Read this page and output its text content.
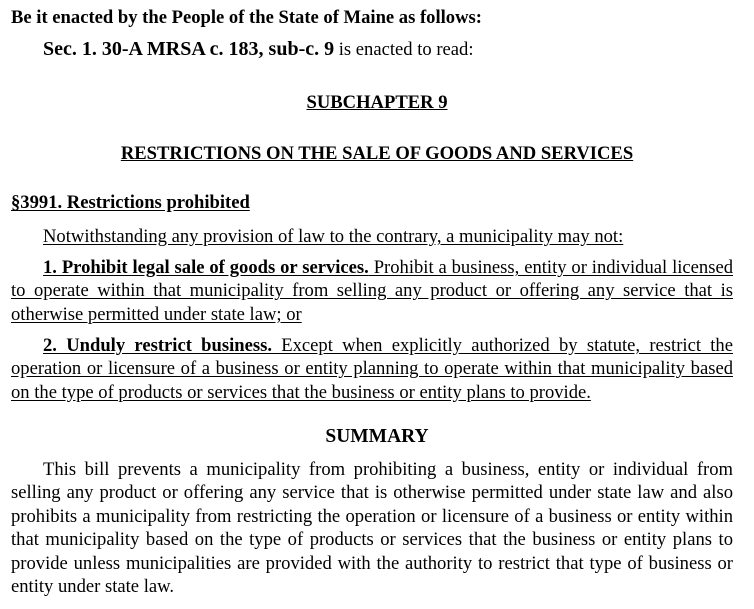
Be it enacted by the People of the State of Maine as follows:
Sec. 1. 30-A MRSA c. 183, sub-c. 9 is enacted to read:
SUBCHAPTER 9
RESTRICTIONS ON THE SALE OF GOODS AND SERVICES
§3991. Restrictions prohibited
Notwithstanding any provision of law to the contrary, a municipality may not:
1. Prohibit legal sale of goods or services. Prohibit a business, entity or individual licensed to operate within that municipality from selling any product or offering any service that is otherwise permitted under state law; or
2. Unduly restrict business. Except when explicitly authorized by statute, restrict the operation or licensure of a business or entity planning to operate within that municipality based on the type of products or services that the business or entity plans to provide.
SUMMARY
This bill prevents a municipality from prohibiting a business, entity or individual from selling any product or offering any service that is otherwise permitted under state law and also prohibits a municipality from restricting the operation or licensure of a business or entity within that municipality based on the type of products or services that the business or entity plans to provide unless municipalities are provided with the authority to restrict that type of business or entity under state law.
